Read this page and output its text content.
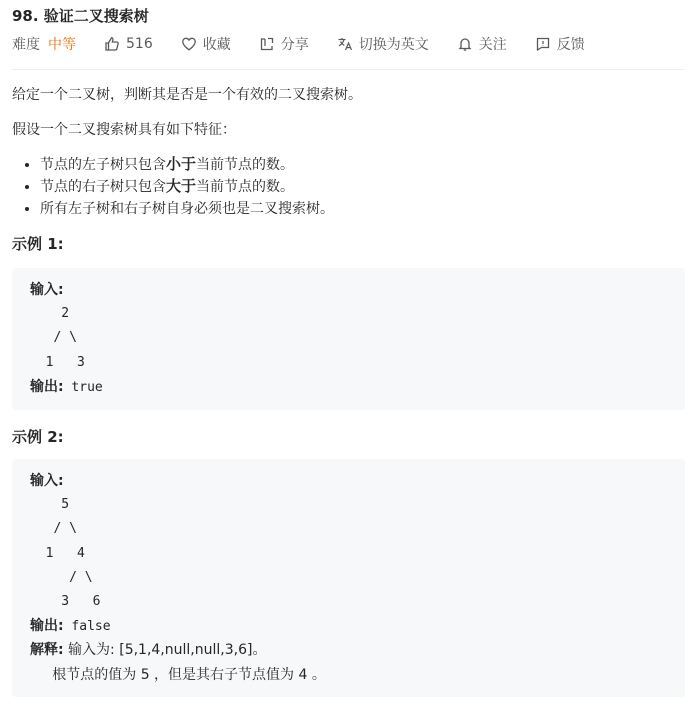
98. 验证二叉搜索树
难度 中等	516	收藏	分享	切换为英文	关注	反馈
给定一个二叉树，判断其是否是一个有效的二叉搜索树。
假设一个二叉搜索树具有如下特征：
• 节点的左子树只包含小于当前节点的数。
• 节点的右子树只包含大于当前节点的数。
• 所有左子树和右子树自身必须也是二叉搜索树。
示例 1:
输入:
2
/ \
1   3
输出: true
示例 2:
输入:
5
/ \
1   4
/ \
3   6
输出: false
解释: 输入为: [5,1,4,null,null,3,6]。
根节点的值为 5 ，但是其右子节点值为 4 。
